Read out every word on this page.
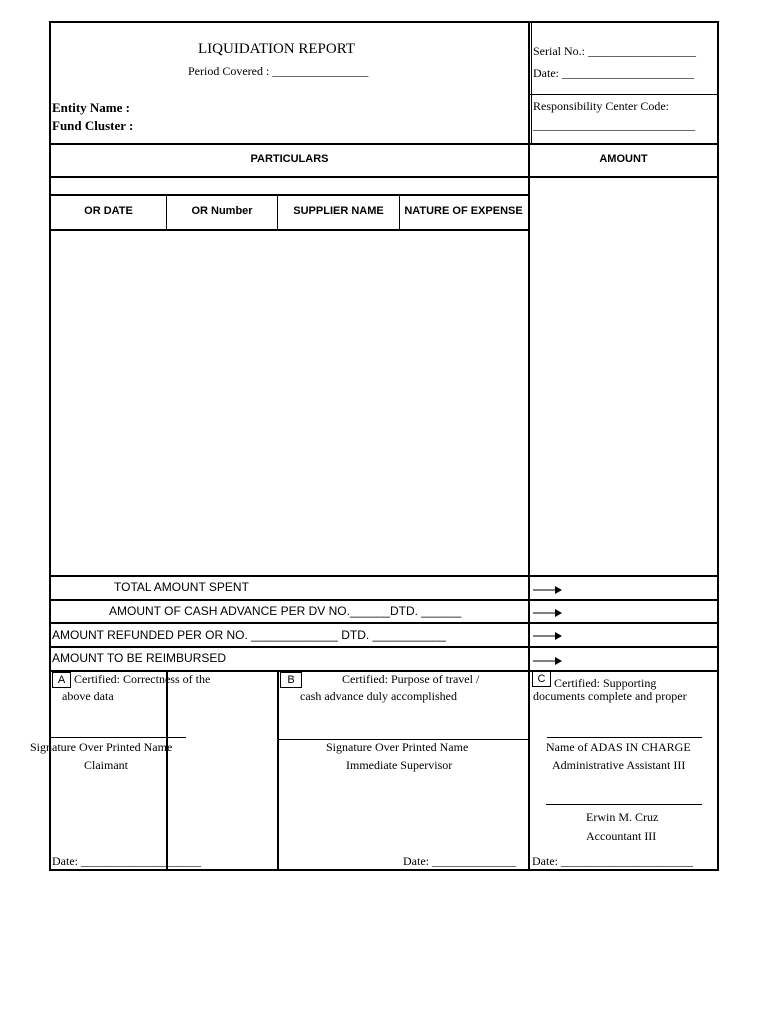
LIQUIDATION REPORT
Period Covered : ________________
Entity Name :
Fund Cluster :
Serial No.: __________________
Date: ______________________
Responsibility Center Code:
___________________________
PARTICULARS	AMOUNT
OR DATE	OR Number	SUPPLIER NAME	NATURE OF EXPENSE
TOTAL AMOUNT SPENT
AMOUNT OF CASH ADVANCE PER DV NO.______DTD. ______
AMOUNT REFUNDED PER OR NO. _____________ DTD. ___________
AMOUNT TO BE REIMBURSED
A Certified: Correctness of the
above data
Signature Over Printed Name
Claimant
Date: ____________________
B	Certified: Purpose of travel /
cash advance duly accomplished
Signature Over Printed Name
Immediate Supervisor
Date: ______________
C Certified: Supporting
documents complete and proper
Name of ADAS IN CHARGE
Administrative Assistant III
Erwin M. Cruz
Accountant III
Date: ______________________
